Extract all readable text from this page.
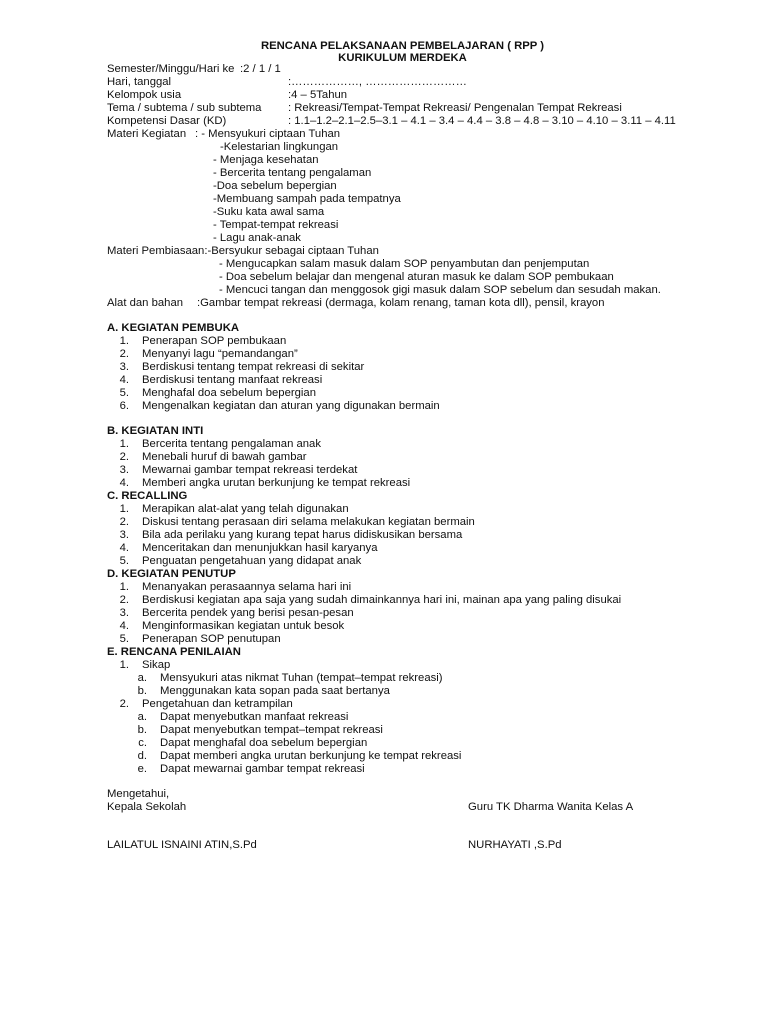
RENCANA PELAKSANAAN PEMBELAJARAN ( RPP )
KURIKULUM MERDEKA
Semester/Minggu/Hari ke :2 / 1 / 1
Hari, tanggal	:………………, ………………………
Kelompok usia	:4 – 5Tahun
Tema / subtema / sub subtema : Rekreasi/Tempat-Tempat Rekreasi/ Pengenalan Tempat Rekreasi
Kompetensi Dasar (KD)	: 1.1–1.2–2.1–2.5–3.1 – 4.1 – 3.4 – 4.4 – 3.8 – 4.8 – 3.10 – 4.10 – 3.11 – 4.11
Materi Kegiatan : - Mensyukuri ciptaan Tuhan
-Kelestarian lingkungan
- Menjaga kesehatan
- Bercerita tentang pengalaman
-Doa sebelum bepergian
-Membuang sampah pada tempatnya
-Suku kata awal sama
- Tempat-tempat rekreasi
- Lagu anak-anak
Materi Pembiasaan:-Bersyukur sebagai ciptaan Tuhan
- Mengucapkan salam masuk dalam SOP penyambutan dan penjemputan
- Doa sebelum belajar dan mengenal aturan masuk ke dalam SOP pembukaan
- Mencuci tangan dan menggosok gigi masuk dalam SOP sebelum dan sesudah makan.
Alat dan bahan :Gambar tempat rekreasi (dermaga, kolam renang, taman kota dll), pensil, krayon
A. KEGIATAN PEMBUKA
1. Penerapan SOP pembukaan
2. Menyanyi lagu “pemandangan”
3. Berdiskusi tentang tempat rekreasi di sekitar
4. Berdiskusi tentang manfaat rekreasi
5. Menghafal doa sebelum bepergian
6. Mengenalkan kegiatan dan aturan yang digunakan bermain
B. KEGIATAN INTI
1. Bercerita tentang pengalaman anak
2. Menebali huruf di bawah gambar
3. Mewarnai gambar tempat rekreasi terdekat
4. Memberi angka urutan berkunjung ke tempat rekreasi
C. RECALLING
1. Merapikan alat-alat yang telah digunakan
2. Diskusi tentang perasaan diri selama melakukan kegiatan bermain
3. Bila ada perilaku yang kurang tepat harus didiskusikan bersama
4. Menceritakan dan menunjukkan hasil karyanya
5. Penguatan pengetahuan yang didapat anak
D. KEGIATAN PENUTUP
1. Menanyakan perasaannya selama hari ini
2. Berdiskusi kegiatan apa saja yang sudah dimainkannya hari ini, mainan apa yang paling disukai
3. Bercerita pendek yang berisi pesan-pesan
4. Menginformasikan kegiatan untuk besok
5. Penerapan SOP penutupan
E. RENCANA PENILAIAN
1. Sikap
a. Mensyukuri atas nikmat Tuhan (tempat–tempat rekreasi)
b. Menggunakan kata sopan pada saat bertanya
2. Pengetahuan dan ketrampilan
a. Dapat menyebutkan manfaat rekreasi
b. Dapat menyebutkan tempat–tempat rekreasi
c. Dapat menghafal doa sebelum bepergian
d. Dapat memberi angka urutan berkunjung ke tempat rekreasi
e. Dapat mewarnai gambar tempat rekreasi
Mengetahui,
Kepala Sekolah	Guru TK Dharma Wanita Kelas A
LAILATUL ISNAINI ATIN,S.Pd	NURHAYATI ,S.Pd
